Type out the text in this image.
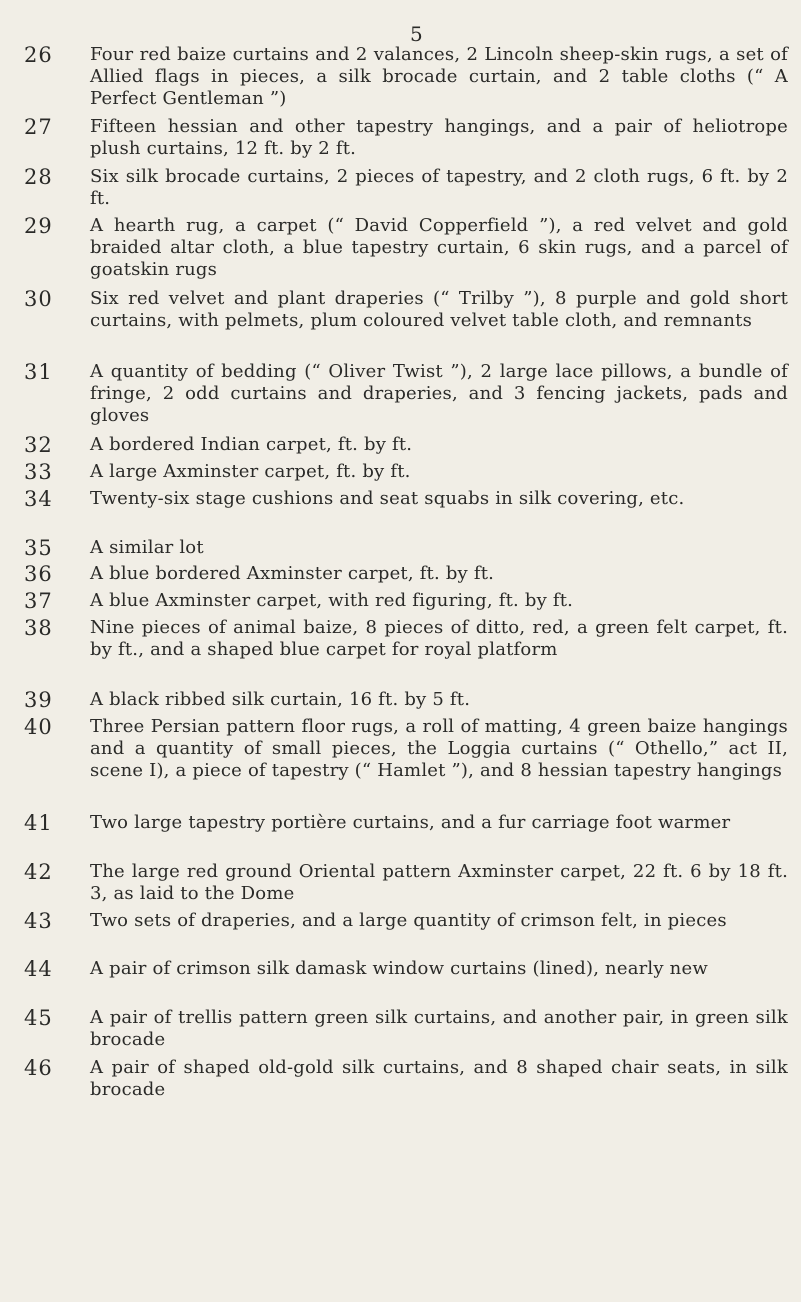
5
26 Four red baize curtains and 2 valances, 2 Lincoln sheep-skin rugs, a set of Allied flags in pieces, a silk brocade curtain, and 2 table cloths (“ A Perfect Gentleman ”)
27 Fifteen hessian and other tapestry hangings, and a pair of heliotrope plush curtains, 12 ft. by 2 ft.
28 Six silk brocade curtains, 2 pieces of tapestry, and 2 cloth rugs, 6 ft. by 2 ft.
29 A hearth rug, a carpet (“ David Copperfield ”), a red velvet and gold braided altar cloth, a blue tapestry curtain, 6 skin rugs, and a parcel of goatskin rugs
30 Six red velvet and plant draperies (“ Trilby ”), 8 purple and gold short curtains, with pelmets, plum coloured velvet table cloth, and remnants
31 A quantity of bedding (“ Oliver Twist ”), 2 large lace pillows, a bundle of fringe, 2 odd curtains and draperies, and 3 fencing jackets, pads and gloves
32 A bordered Indian carpet, ft. by ft.
33 A large Axminster carpet, ft. by ft.
34 Twenty-six stage cushions and seat squabs in silk covering, etc.
35 A similar lot
36 A blue bordered Axminster carpet, ft. by ft.
37 A blue Axminster carpet, with red figuring, ft. by ft.
38 Nine pieces of animal baize, 8 pieces of ditto, red, a green felt carpet, ft. by ft., and a shaped blue carpet for royal platform
39 A black ribbed silk curtain, 16 ft. by 5 ft.
40 Three Persian pattern floor rugs, a roll of matting, 4 green baize hangings and a quantity of small pieces, the Loggia curtains (“ Othello,” act II, scene I), a piece of tapestry (“ Hamlet ”), and 8 hessian tapestry hangings
41 Two large tapestry portière curtains, and a fur carriage foot warmer
42 The large red ground Oriental pattern Axminster carpet, 22 ft. 6 by 18 ft. 3, as laid to the Dome
43 Two sets of draperies, and a large quantity of crimson felt, in pieces
44 A pair of crimson silk damask window curtains (lined), nearly new
45 A pair of trellis pattern green silk curtains, and another pair, in green silk brocade
46 A pair of shaped old-gold silk curtains, and 8 shaped chair seats, in silk brocade
